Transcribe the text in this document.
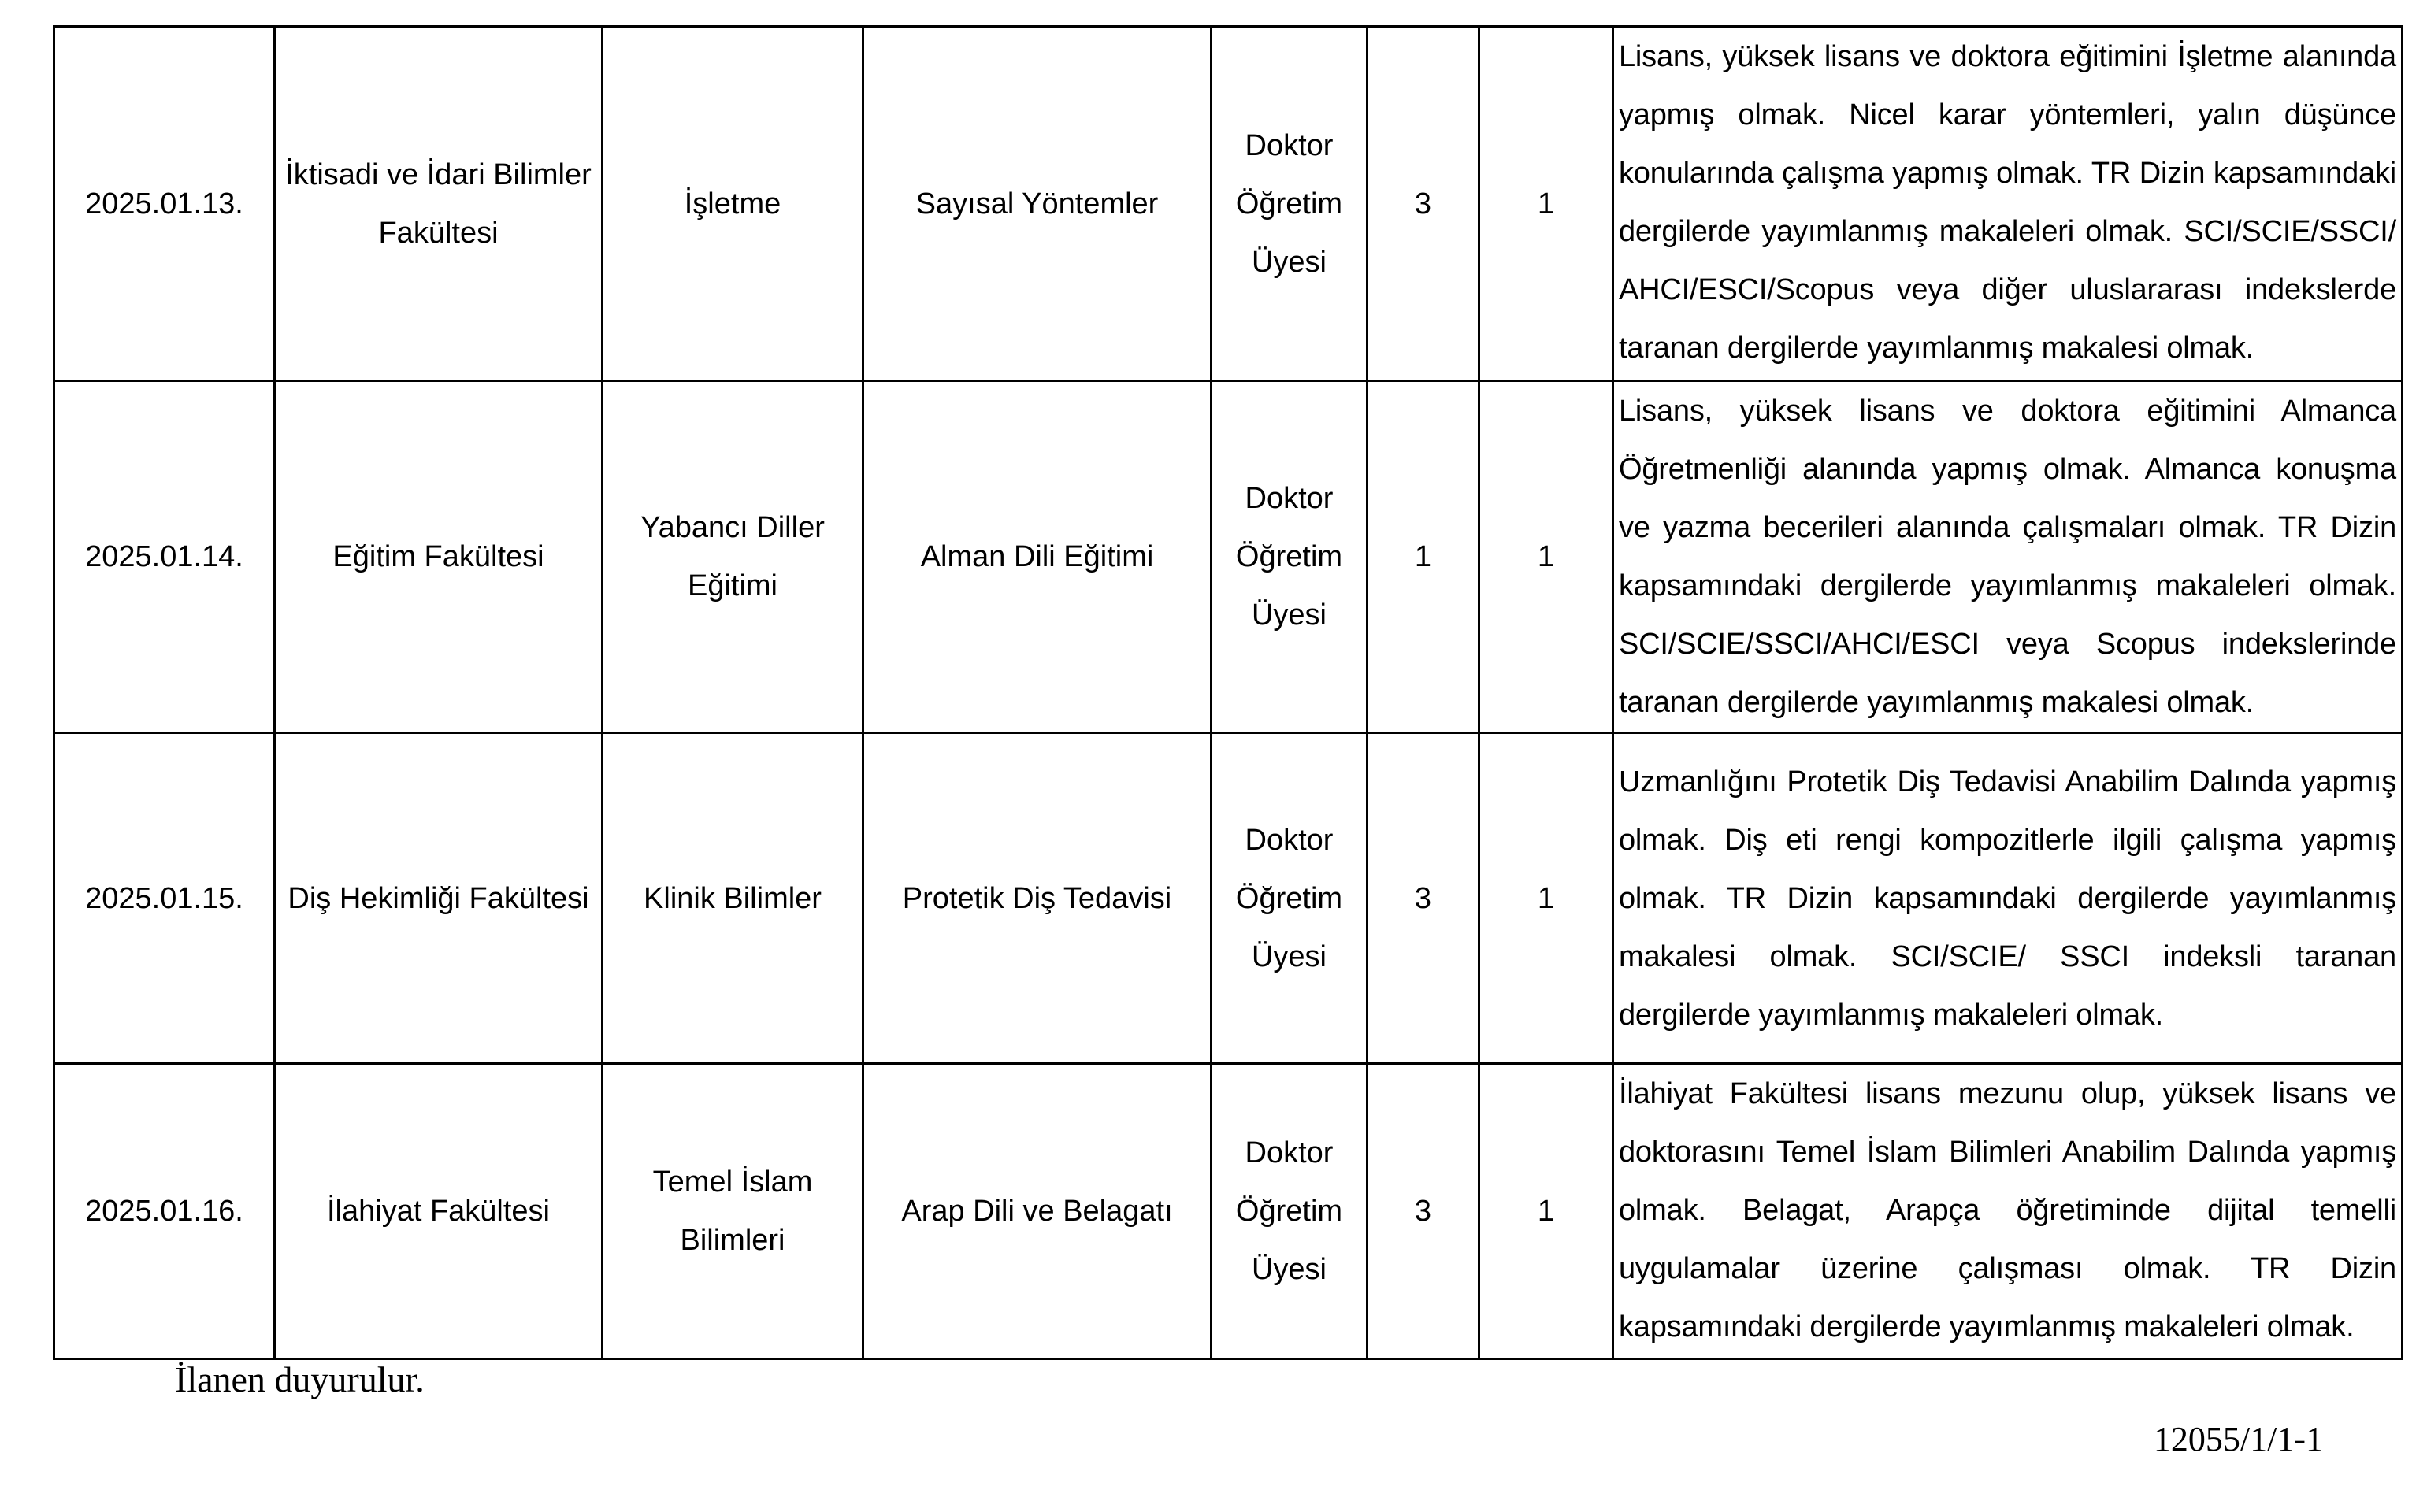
2025.01.13.	İktisadi ve İdari Bilimler Fakültesi	İşletme	Sayısal Yöntemler	Doktor Öğretim Üyesi	3	1	Lisans, yüksek lisans ve doktora eğitimini İşletme alanında yapmış olmak. Nicel karar yöntemleri, yalın düşünce konularında çalışma yapmış olmak. TR Dizin kapsamındaki dergilerde yayımlanmış makaleleri olmak. SCI/SCIE/SSCI/ AHCI/ESCI/Scopus veya diğer uluslararası indekslerde taranan dergilerde yayımlanmış makalesi olmak.
2025.01.14.	Eğitim Fakültesi	Yabancı Diller Eğitimi	Alman Dili Eğitimi	Doktor Öğretim Üyesi	1	1	Lisans, yüksek lisans ve doktora eğitimini Almanca Öğretmenliği alanında yapmış olmak. Almanca konuşma ve yazma becerileri alanında çalışmaları olmak. TR Dizin kapsamındaki dergilerde yayımlanmış makaleleri olmak. SCI/SCIE/SSCI/AHCI/ESCI veya Scopus indekslerinde taranan dergilerde yayımlanmış makalesi olmak.
2025.01.15.	Diş Hekimliği Fakültesi	Klinik Bilimler	Protetik Diş Tedavisi	Doktor Öğretim Üyesi	3	1	Uzmanlığını Protetik Diş Tedavisi Anabilim Dalında yapmış olmak. Diş eti rengi kompozitlerle ilgili çalışma yapmış olmak. TR Dizin kapsamındaki dergilerde yayımlanmış makalesi olmak. SCI/SCIE/ SSCI indeksli taranan dergilerde yayımlanmış makaleleri olmak.
2025.01.16.	İlahiyat Fakültesi	Temel İslam Bilimleri	Arap Dili ve Belagatı	Doktor Öğretim Üyesi	3	1	İlahiyat Fakültesi lisans mezunu olup, yüksek lisans ve doktorasını Temel İslam Bilimleri Anabilim Dalında yapmış olmak. Belagat, Arapça öğretiminde dijital temelli uygulamalar üzerine çalışması olmak. TR Dizin kapsamındaki dergilerde yayımlanmış makaleleri olmak.
İlanen duyurulur.
12055/1/1-1
